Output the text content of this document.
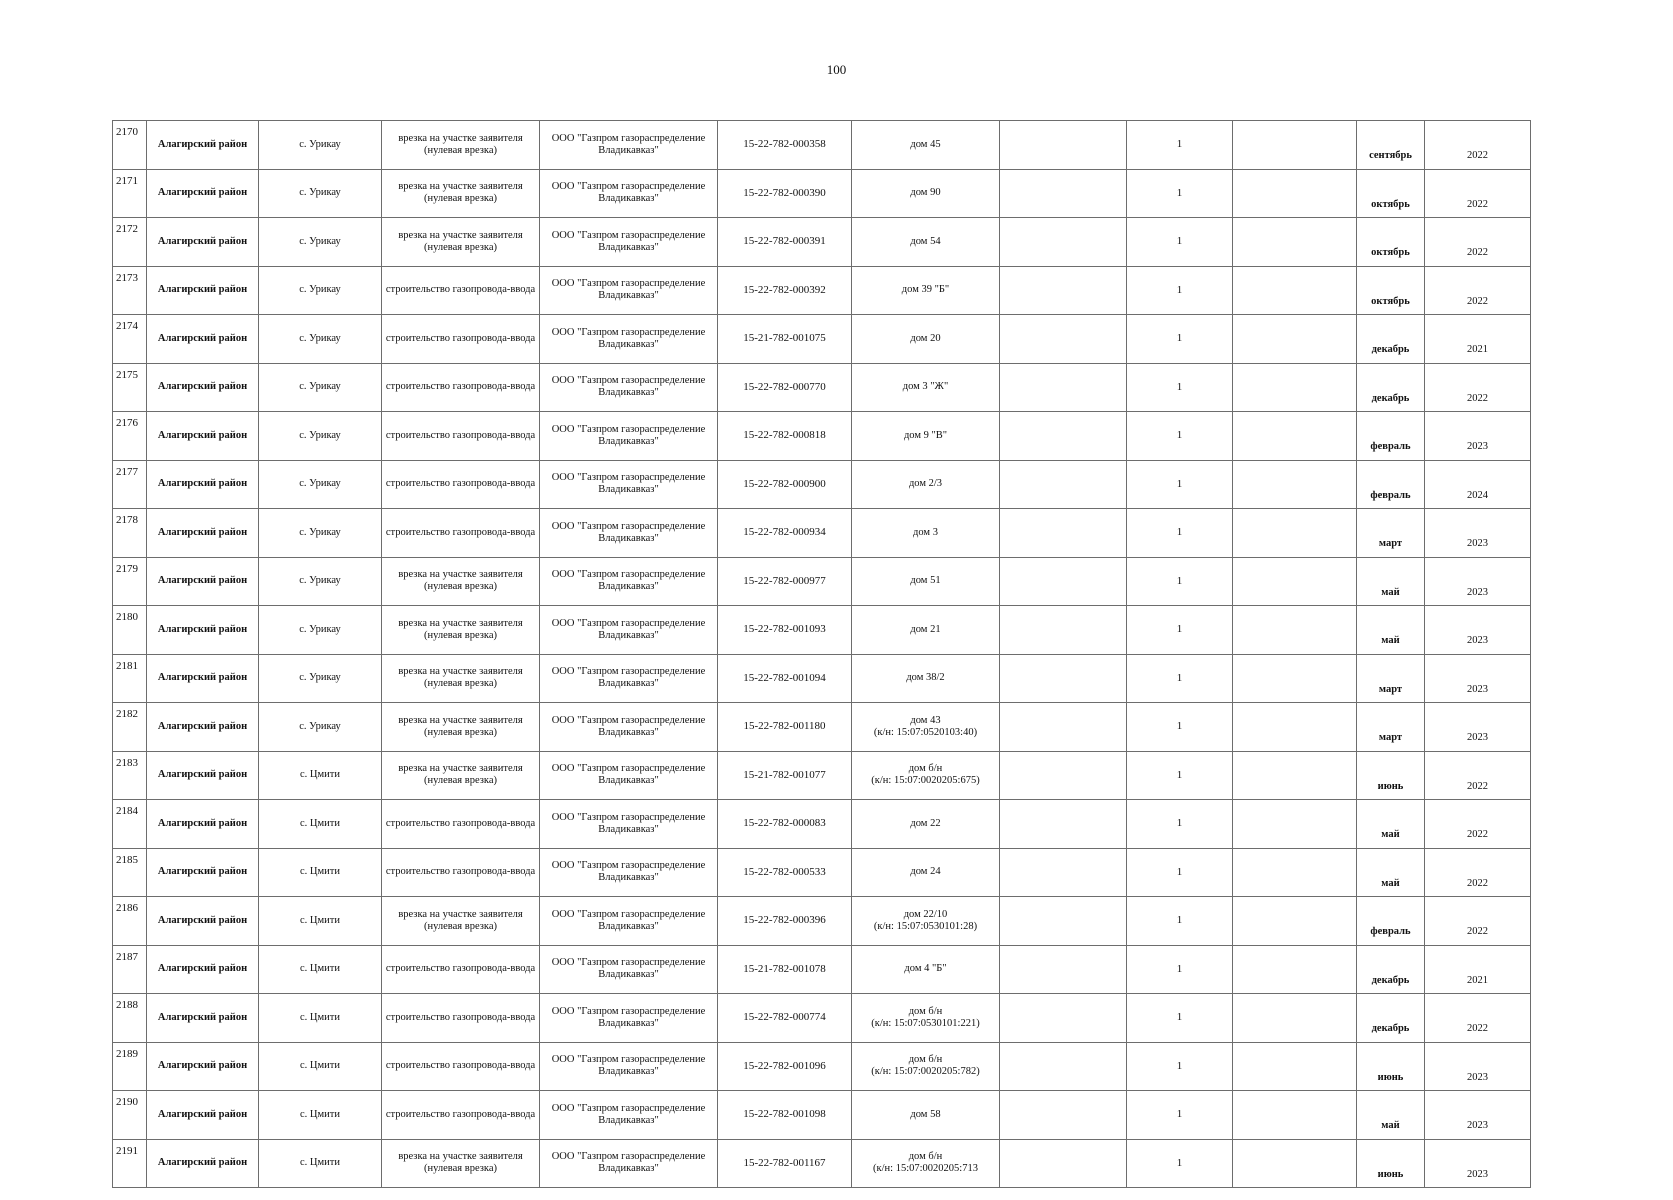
100
2170	Алагирский район	с. Урикау	врезка на участке заявителя (нулевая врезка)	ООО "Газпром газораспределение Владикавказ"	15-22-782-000358	дом 45		1		сентябрь	2022
2171	Алагирский район	с. Урикау	врезка на участке заявителя (нулевая врезка)	ООО "Газпром газораспределение Владикавказ"	15-22-782-000390	дом 90		1		октябрь	2022
2172	Алагирский район	с. Урикау	врезка на участке заявителя (нулевая врезка)	ООО "Газпром газораспределение Владикавказ"	15-22-782-000391	дом 54		1		октябрь	2022
2173	Алагирский район	с. Урикау	строительство газопровода-ввода	ООО "Газпром газораспределение Владикавказ"	15-22-782-000392	дом 39 "Б"		1		октябрь	2022
2174	Алагирский район	с. Урикау	строительство газопровода-ввода	ООО "Газпром газораспределение Владикавказ"	15-21-782-001075	дом 20		1		декабрь	2021
2175	Алагирский район	с. Урикау	строительство газопровода-ввода	ООО "Газпром газораспределение Владикавказ"	15-22-782-000770	дом 3 "Ж"		1		декабрь	2022
2176	Алагирский район	с. Урикау	строительство газопровода-ввода	ООО "Газпром газораспределение Владикавказ"	15-22-782-000818	дом 9 "В"		1		февраль	2023
2177	Алагирский район	с. Урикау	строительство газопровода-ввода	ООО "Газпром газораспределение Владикавказ"	15-22-782-000900	дом 2/3		1		февраль	2024
2178	Алагирский район	с. Урикау	строительство газопровода-ввода	ООО "Газпром газораспределение Владикавказ"	15-22-782-000934	дом 3		1		март	2023
2179	Алагирский район	с. Урикау	врезка на участке заявителя (нулевая врезка)	ООО "Газпром газораспределение Владикавказ"	15-22-782-000977	дом 51		1		май	2023
2180	Алагирский район	с. Урикау	врезка на участке заявителя (нулевая врезка)	ООО "Газпром газораспределение Владикавказ"	15-22-782-001093	дом 21		1		май	2023
2181	Алагирский район	с. Урикау	врезка на участке заявителя (нулевая врезка)	ООО "Газпром газораспределение Владикавказ"	15-22-782-001094	дом 38/2		1		март	2023
2182	Алагирский район	с. Урикау	врезка на участке заявителя (нулевая врезка)	ООО "Газпром газораспределение Владикавказ"	15-22-782-001180	дом 43
(к/н: 15:07:0520103:40)		1		март	2023
2183	Алагирский район	с. Цмити	врезка на участке заявителя (нулевая врезка)	ООО "Газпром газораспределение Владикавказ"	15-21-782-001077	дом б/н
(к/н: 15:07:0020205:675)		1		июнь	2022
2184	Алагирский район	с. Цмити	строительство газопровода-ввода	ООО "Газпром газораспределение Владикавказ"	15-22-782-000083	дом 22		1		май	2022
2185	Алагирский район	с. Цмити	строительство газопровода-ввода	ООО "Газпром газораспределение Владикавказ"	15-22-782-000533	дом 24		1		май	2022
2186	Алагирский район	с. Цмити	врезка на участке заявителя (нулевая врезка)	ООО "Газпром газораспределение Владикавказ"	15-22-782-000396	дом 22/10
(к/н: 15:07:0530101:28)		1		февраль	2022
2187	Алагирский район	с. Цмити	строительство газопровода-ввода	ООО "Газпром газораспределение Владикавказ"	15-21-782-001078	дом 4 "Б"		1		декабрь	2021
2188	Алагирский район	с. Цмити	строительство газопровода-ввода	ООО "Газпром газораспределение Владикавказ"	15-22-782-000774	дом б/н
(к/н: 15:07:0530101:221)		1		декабрь	2022
2189	Алагирский район	с. Цмити	строительство газопровода-ввода	ООО "Газпром газораспределение Владикавказ"	15-22-782-001096	дом б/н
(к/н: 15:07:0020205:782)		1		июнь	2023
2190	Алагирский район	с. Цмити	строительство газопровода-ввода	ООО "Газпром газораспределение Владикавказ"	15-22-782-001098	дом 58		1		май	2023
2191	Алагирский район	с. Цмити	врезка на участке заявителя (нулевая врезка)	ООО "Газпром газораспределение Владикавказ"	15-22-782-001167	дом б/н
(к/н: 15:07:0020205:713		1		июнь	2023
